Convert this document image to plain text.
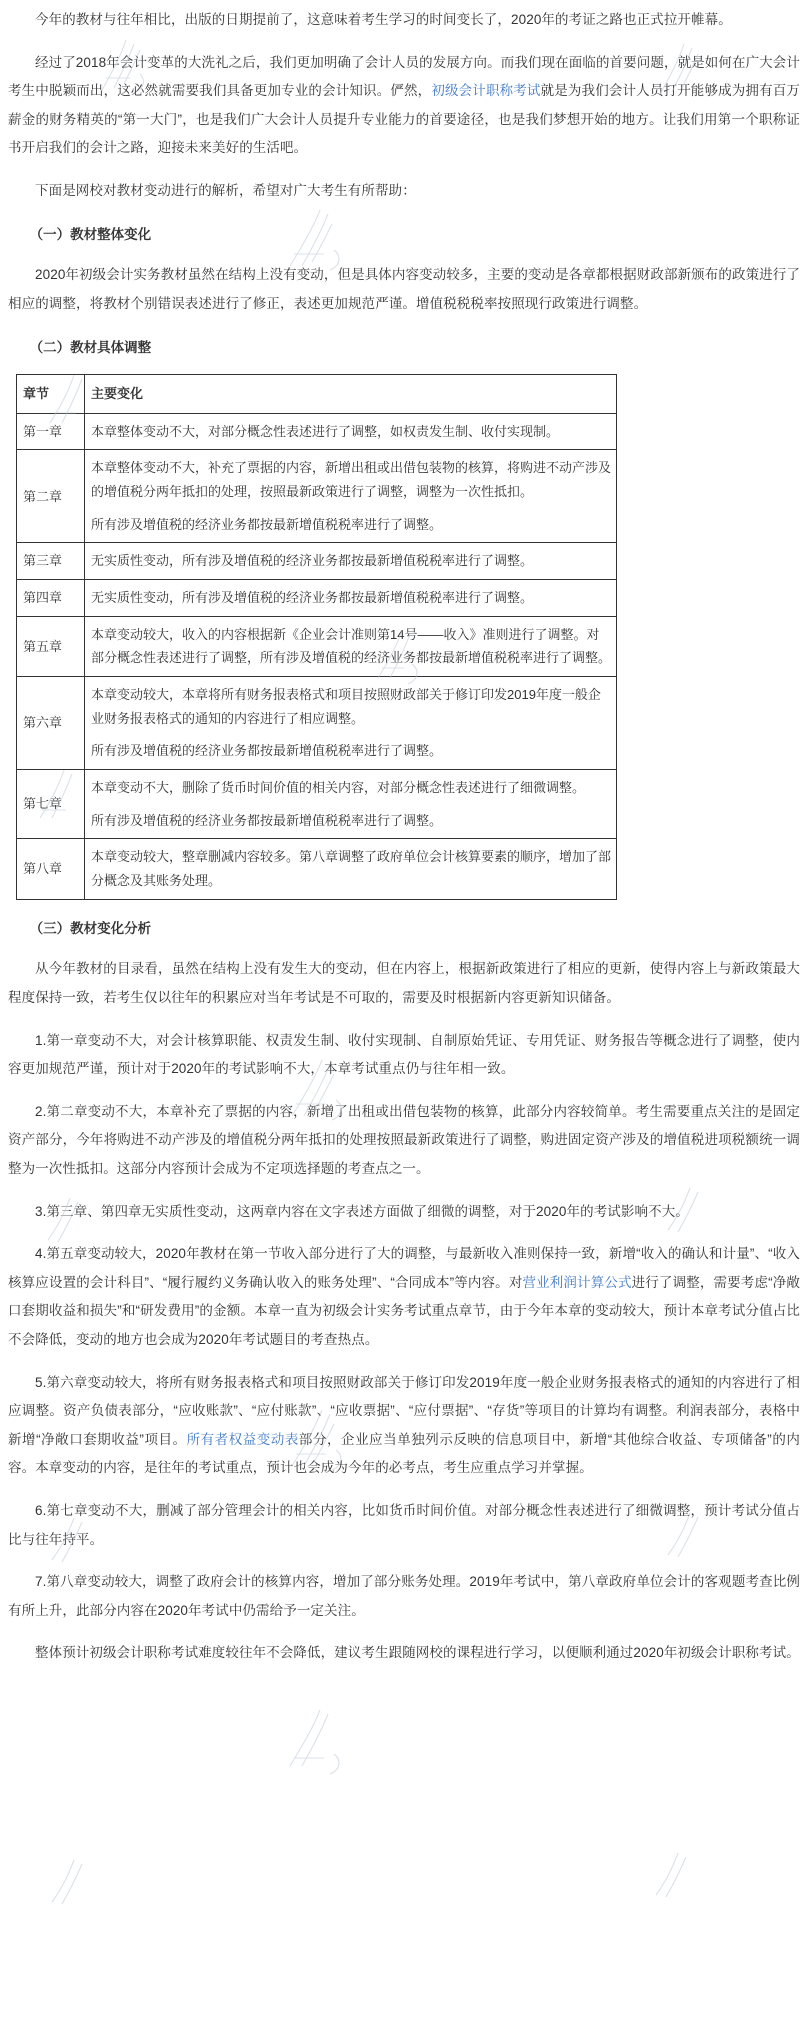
今年的教材与往年相比，出版的日期提前了，这意味着考生学习的时间变长了，2020年的考证之路也正式拉开帷幕。

经过了2018年会计变革的大洗礼之后，我们更加明确了会计人员的发展方向。而我们现在面临的首要问题，就是如何在广大会计考生中脱颖而出，这必然就需要我们具备更加专业的会计知识。俨然，初级会计职称考试就是为我们会计人员打开能够成为拥有百万薪金的财务精英的“第一大门”，也是我们广大会计人员提升专业能力的首要途径，也是我们梦想开始的地方。让我们用第一个职称证书开启我们的会计之路，迎接未来美好的生活吧。

下面是网校对教材变动进行的解析，希望对广大考生有所帮助：

（一）教材整体变化

2020年初级会计实务教材虽然在结构上没有变动，但是具体内容变动较多，主要的变动是各章都根据财政部新颁布的政策进行了相应的调整，将教材个别错误表述进行了修正，表述更加规范严谨。增值税税税率按照现行政策进行调整。

（二）教材具体调整
章节	主要变化
第一章	本章整体变动不大，对部分概念性表述进行了调整，如权责发生制、收付实现制。

第二章	本章整体变动不大，补充了票据的内容，新增出租或出借包装物的核算，将购进不动产涉及的增值税分两年抵扣的处理，按照最新政策进行了调整，调整为一次性抵扣。

所有涉及增值税的经济业务都按最新增值税税率进行了调整。

第三章	无实质性变动，所有涉及增值税的经济业务都按最新增值税税率进行了调整。

第四章	无实质性变动，所有涉及增值税的经济业务都按最新增值税税率进行了调整。

第五章	本章变动较大，收入的内容根据新《企业会计准则第14号——收入》准则进行了调整。对部分概念性表述进行了调整，所有涉及增值税的经济业务都按最新增值税税率进行了调整。

第六章	本章变动较大，本章将所有财务报表格式和项目按照财政部关于修订印发2019年度一般企业财务报表格式的通知的内容进行了相应调整。

所有涉及增值税的经济业务都按最新增值税税率进行了调整。

第七章	本章变动不大，删除了货币时间价值的相关内容，对部分概念性表述进行了细微调整。

所有涉及增值税的经济业务都按最新增值税税率进行了调整。

第八章	本章变动较大，整章删减内容较多。第八章调整了政府单位会计核算要素的顺序，增加了部分概念及其账务处理。

（三）教材变化分析

从今年教材的目录看，虽然在结构上没有发生大的变动，但在内容上，根据新政策进行了相应的更新，使得内容上与新政策最大程度保持一致，若考生仅以往年的积累应对当年考试是不可取的，需要及时根据新内容更新知识储备。

1.第一章变动不大，对会计核算职能、权责发生制、收付实现制、自制原始凭证、专用凭证、财务报告等概念进行了调整，使内容更加规范严谨，预计对于2020年的考试影响不大，本章考试重点仍与往年相一致。

2.第二章变动不大，本章补充了票据的内容，新增了出租或出借包装物的核算，此部分内容较简单。考生需要重点关注的是固定资产部分，今年将购进不动产涉及的增值税分两年抵扣的处理按照最新政策进行了调整，购进固定资产涉及的增值税进项税额统一调整为一次性抵扣。这部分内容预计会成为不定项选择题的考查点之一。

3.第三章、第四章无实质性变动，这两章内容在文字表述方面做了细微的调整，对于2020年的考试影响不大。

4.第五章变动较大，2020年教材在第一节收入部分进行了大的调整，与最新收入准则保持一致，新增“收入的确认和计量”、“收入核算应设置的会计科目”、“履行履约义务确认收入的账务处理”、“合同成本”等内容。对营业利润计算公式进行了调整，需要考虑“净敞口套期收益和损失”和“研发费用”的金额。本章一直为初级会计实务考试重点章节，由于今年本章的变动较大，预计本章考试分值占比不会降低，变动的地方也会成为2020年考试题目的考查热点。

5.第六章变动较大，将所有财务报表格式和项目按照财政部关于修订印发2019年度一般企业财务报表格式的通知的内容进行了相应调整。资产负债表部分，“应收账款”、“应付账款”、“应收票据”、“应付票据”、“存货”等项目的计算均有调整。利润表部分，表格中新增“净敞口套期收益”项目。所有者权益变动表部分，企业应当单独列示反映的信息项目中，新增“其他综合收益、专项储备”的内容。本章变动的内容，是往年的考试重点，预计也会成为今年的必考点，考生应重点学习并掌握。

6.第七章变动不大，删减了部分管理会计的相关内容，比如货币时间价值。对部分概念性表述进行了细微调整，预计考试分值占比与往年持平。

7.第八章变动较大，调整了政府会计的核算内容，增加了部分账务处理。2019年考试中，第八章政府单位会计的客观题考查比例有所上升，此部分内容在2020年考试中仍需给予一定关注。

整体预计初级会计职称考试难度较往年不会降低，建议考生跟随网校的课程进行学习，以便顺利通过2020年初级会计职称考试。
